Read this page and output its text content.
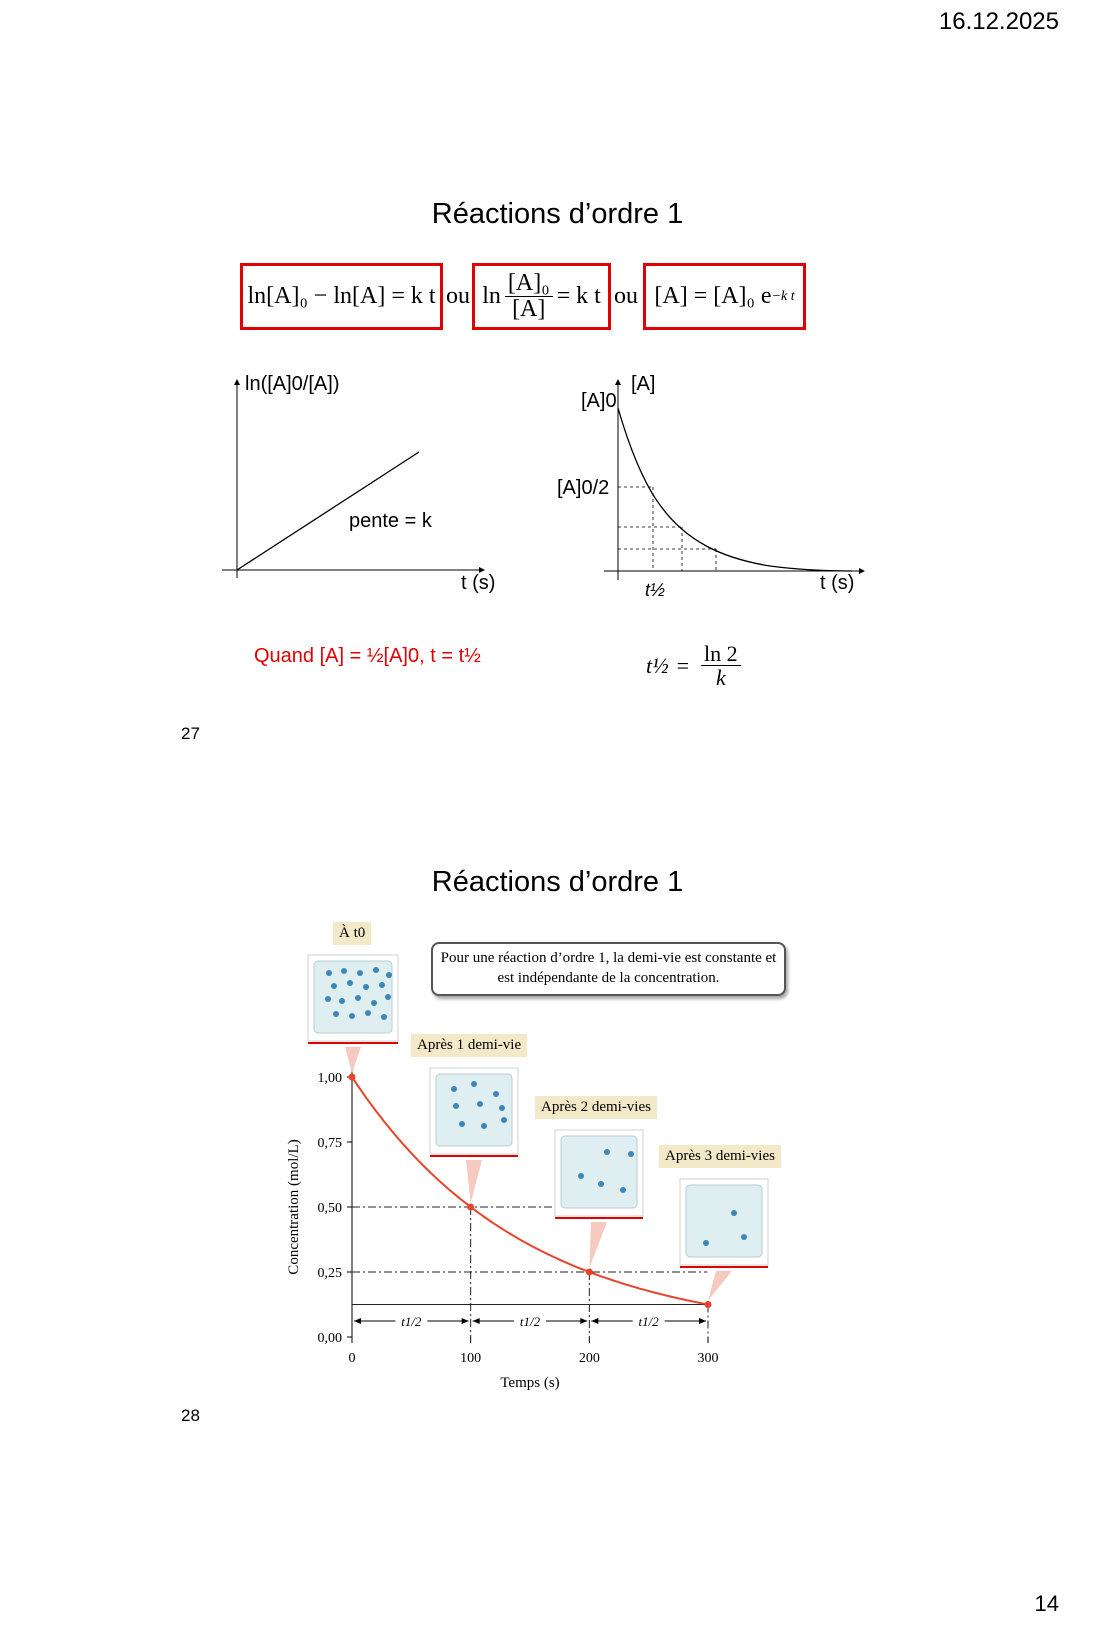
16.12.2025
14
Réactions d’ordre 1
ln[A]₀ − ln[A] = k t ou $\ln \frac{\text{[A]₀}}{[A]} = k$ t ou [A] = [A]₀ e −k t
ln([A]0/[A])
t (s)
pente = k
[A]
[A]0
[A]0/2
t½	t (s)
Quand [A] = ½[A]0, t = t½	t½ = $\frac{\ln 2}{k}$
27
Réactions d’ordre 1
Pour une réaction d’ordre 1, la demi-vie est constante et est indépendante de la concentration.
À t0
Après 1 demi-vie
Après 2 demi-vies
Après 3 demi-vies
0,00
0,25
0,50
0,75
1,00
0	100	200	300
Temps (s)
Concentration (mol/L)
t1/2	t1/2	t1/2
28
